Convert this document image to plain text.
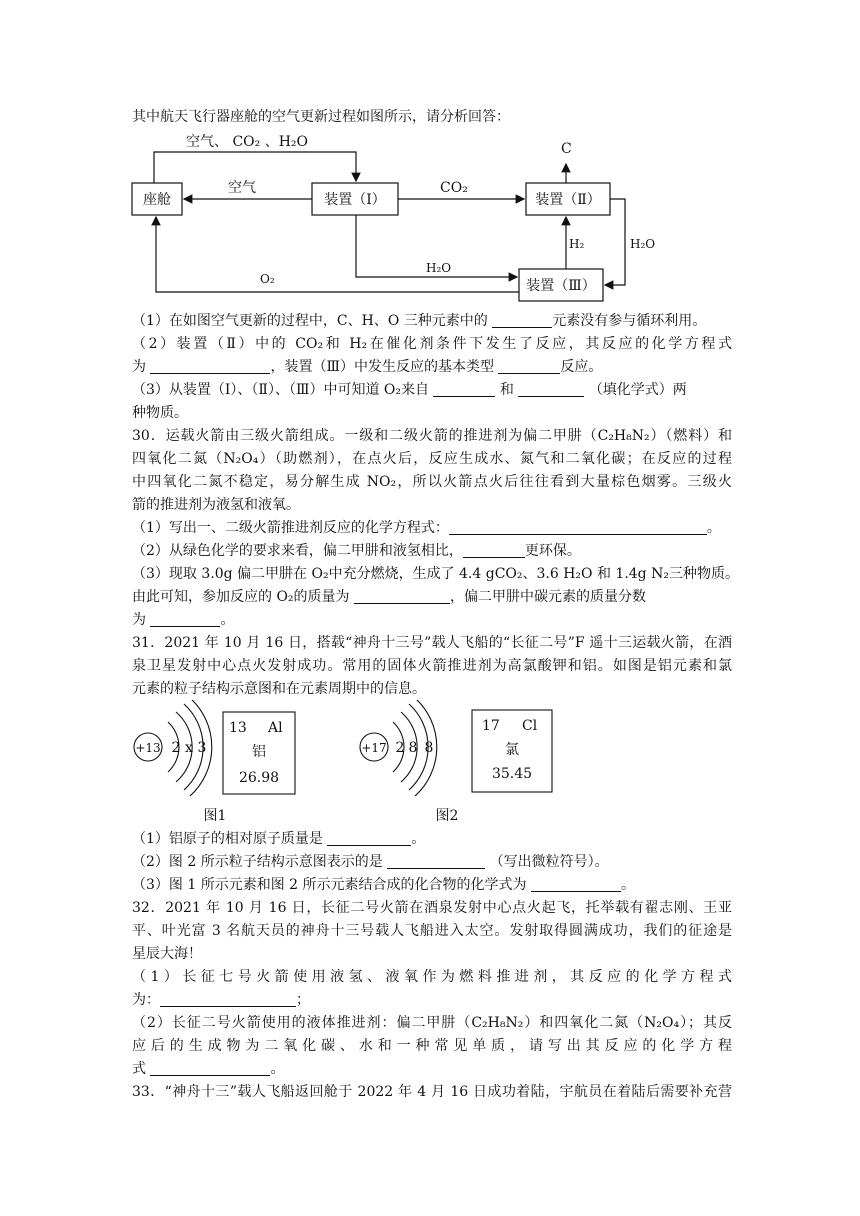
其中航天飞行器座舱的空气更新过程如图所示，请分析回答：
座舱	装置（Ⅰ）	装置（Ⅱ）
装置（Ⅲ）
空气、 CO₂ 、H₂O
空气	CO₂
C
H₂	H₂O
H₂O
O₂
（1）在如图空气更新的过程中，C、H、O 三种元素中的	元素没有参与循环利用。
（2）装置（Ⅱ）中的 CO₂和 H₂在催化剂条件下发生了反应，其反应的化学方程式
为	，装置（Ⅲ）中发生反应的基本类型	反应。
（3）从装置（Ⅰ）、（Ⅱ）、（Ⅲ）中可知道 O₂来自	和	（填化学式）两
种物质。
30．运载火箭由三级火箭组成。一级和二级火箭的推进剂为偏二甲肼（C₂H₈N₂）（燃料）和
四氧化二氮（N₂O₄）（助燃剂），在点火后，反应生成水、氮气和二氧化碳；在反应的过程
中四氧化二氮不稳定，易分解生成 NO₂，所以火箭点火后往往看到大量棕色烟雾。三级火
箭的推进剂为液氢和液氧。
（1）写出一、二级火箭推进剂反应的化学方程式：	。
（2）从绿色化学的要求来看，偏二甲肼和液氢相比，	更环保。
（3）现取 3.0g 偏二甲肼在 O₂中充分燃烧，生成了 4.4 gCO₂、3.6 H₂O 和 1.4g N₂三种物质。
由此可知，参加反应的 O₂的质量为	，偏二甲肼中碳元素的质量分数
为	。
31．2021 年 10 月 16 日，搭载“神舟十三号”载人飞船的“长征二号”F 遥十三运载火箭，在酒
泉卫星发射中心点火发射成功。常用的固体火箭推进剂为高氯酸钾和铝。如图是铝元素和氯
元素的粒子结构示意图和在元素周期中的信息。
+13 2 x 3
13 Al
铝
26.98
+17 2 8 8
17 Cl
氯
35.45
图1	图2
（1）铝原子的相对原子质量是	。
（2）图 2 所示粒子结构示意图表示的是	（写出微粒符号）。
（3）图 1 所示元素和图 2 所示元素结合成的化合物的化学式为	。
32．2021 年 10 月 16 日，长征二号火箭在酒泉发射中心点火起飞，托举载有翟志刚、王亚
平、叶光富 3 名航天员的神舟十三号载人飞船进入太空。发射取得圆满成功，我们的征途是
星辰大海！
（1）长征七号火箭使用液氢、液氧作为燃料推进剂，其反应的化学方程式
为：	；
（2）长征二号火箭使用的液体推进剂：偏二甲肼（C₂H₈N₂）和四氧化二氮（N₂O₄）；其反
应后的生成物为二氧化碳、水和一种常见单质，请写出其反应的化学方程
式	。
33．“神舟十三”载人飞船返回舱于 2022 年 4 月 16 日成功着陆，宇航员在着陆后需要补充营
